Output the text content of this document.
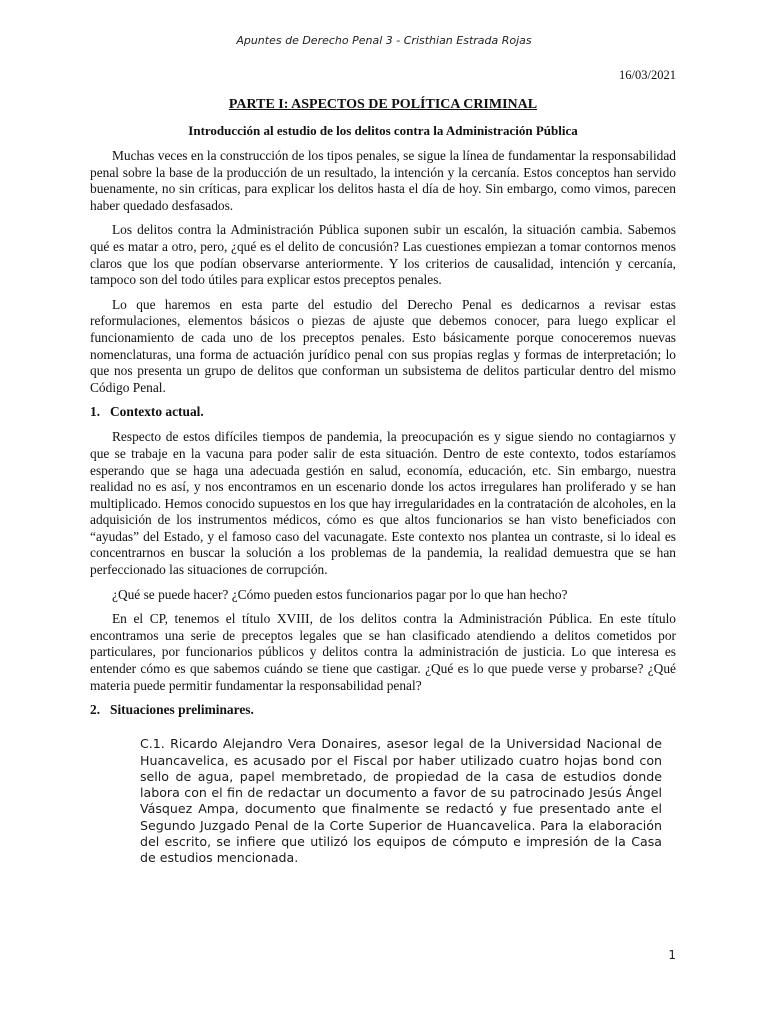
Apuntes de Derecho Penal 3 - Cristhian Estrada Rojas
16/03/2021
PARTE I: ASPECTOS DE POLÍTICA CRIMINAL
Introducción al estudio de los delitos contra la Administración Pública

Muchas veces en la construcción de los tipos penales, se sigue la línea de fundamentar la responsabilidad penal sobre la base de la producción de un resultado, la intención y la cercanía. Estos conceptos han servido buenamente, no sin críticas, para explicar los delitos hasta el día de hoy. Sin embargo, como vimos, parecen haber quedado desfasados.

Los delitos contra la Administración Pública suponen subir un escalón, la situación cambia. Sabemos qué es matar a otro, pero, ¿qué es el delito de concusión? Las cuestiones empiezan a tomar contornos menos claros que los que podían observarse anteriormente. Y los criterios de causalidad, intención y cercanía, tampoco son del todo útiles para explicar estos preceptos penales.

Lo que haremos en esta parte del estudio del Derecho Penal es dedicarnos a revisar estas reformulaciones, elementos básicos o piezas de ajuste que debemos conocer, para luego explicar el funcionamiento de cada uno de los preceptos penales. Esto básicamente porque conoceremos nuevas nomenclaturas, una forma de actuación jurídico penal con sus propias reglas y formas de interpretación; lo que nos presenta un grupo de delitos que conforman un subsistema de delitos particular dentro del mismo Código Penal.

1. Contexto actual.

Respecto de estos difíciles tiempos de pandemia, la preocupación es y sigue siendo no contagiarnos y que se trabaje en la vacuna para poder salir de esta situación. Dentro de este contexto, todos estaríamos esperando que se haga una adecuada gestión en salud, economía, educación, etc. Sin embargo, nuestra realidad no es así, y nos encontramos en un escenario donde los actos irregulares han proliferado y se han multiplicado. Hemos conocido supuestos en los que hay irregularidades en la contratación de alcoholes, en la adquisición de los instrumentos médicos, cómo es que altos funcionarios se han visto beneficiados con “ayudas” del Estado, y el famoso caso del vacunagate. Este contexto nos plantea un contraste, si lo ideal es concentrarnos en buscar la solución a los problemas de la pandemia, la realidad demuestra que se han perfeccionado las situaciones de corrupción.

¿Qué se puede hacer? ¿Cómo pueden estos funcionarios pagar por lo que han hecho?

En el CP, tenemos el título XVIII, de los delitos contra la Administración Pública. En este título encontramos una serie de preceptos legales que se han clasificado atendiendo a delitos cometidos por particulares, por funcionarios públicos y delitos contra la administración de justicia. Lo que interesa es entender cómo es que sabemos cuándo se tiene que castigar. ¿Qué es lo que puede verse y probarse? ¿Qué materia puede permitir fundamentar la responsabilidad penal?

2. Situaciones preliminares.
C.1. Ricardo Alejandro Vera Donaires, asesor legal de la Universidad Nacional de Huancavelica, es acusado por el Fiscal por haber utilizado cuatro hojas bond con sello de agua, papel membretado, de propiedad de la casa de estudios donde labora con el fin de redactar un documento a favor de su patrocinado Jesús Ángel Vásquez Ampa, documento que finalmente se redactó y fue presentado ante el Segundo Juzgado Penal de la Corte Superior de Huancavelica. Para la elaboración del escrito, se infiere que utilizó los equipos de cómputo e impresión de la Casa de estudios mencionada.
1
